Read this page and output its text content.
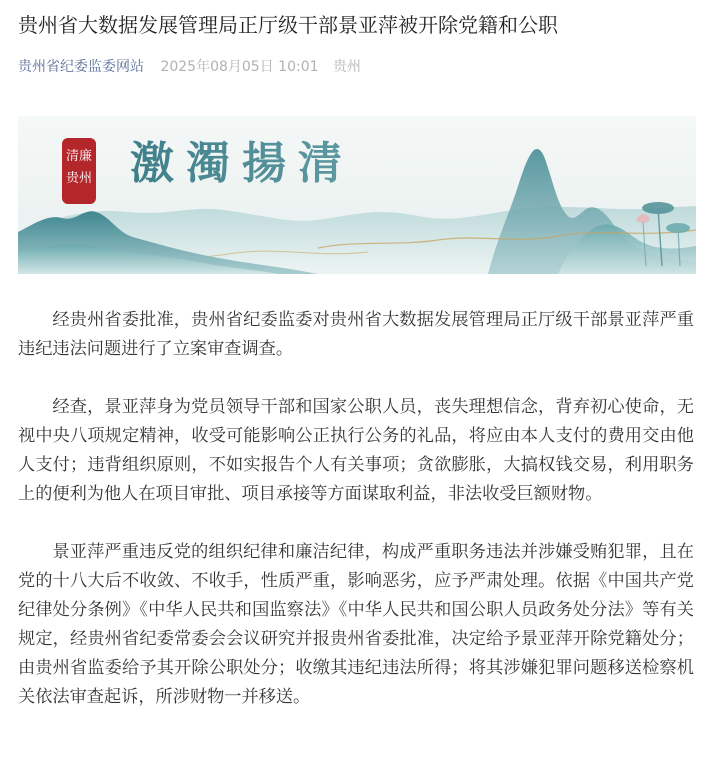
贵州省大数据发展管理局正厅级干部景亚萍被开除党籍和公职
贵州省纪委监委网站 2025年08月05日 10:01 贵州
清廉
贵州 激濁揚清

经贵州省委批准，贵州省纪委监委对贵州省大数据发展管理局正厅级干部景亚萍严重违纪违法问题进行了立案审查调查。

经查，景亚萍身为党员领导干部和国家公职人员，丧失理想信念，背弃初心使命，无视中央八项规定精神，收受可能影响公正执行公务的礼品，将应由本人支付的费用交由他人支付；违背组织原则，不如实报告个人有关事项；贪欲膨胀，大搞权钱交易，利用职务上的便利为他人在项目审批、项目承接等方面谋取利益，非法收受巨额财物。

景亚萍严重违反党的组织纪律和廉洁纪律，构成严重职务违法并涉嫌受贿犯罪，且在党的十八大后不收敛、不收手，性质严重，影响恶劣，应予严肃处理。依据《中国共产党纪律处分条例》《中华人民共和国监察法》《中华人民共和国公职人员政务处分法》等有关规定，经贵州省纪委常委会会议研究并报贵州省委批准，决定给予景亚萍开除党籍处分；由贵州省监委给予其开除公职处分；收缴其违纪违法所得；将其涉嫌犯罪问题移送检察机关依法审查起诉，所涉财物一并移送。
